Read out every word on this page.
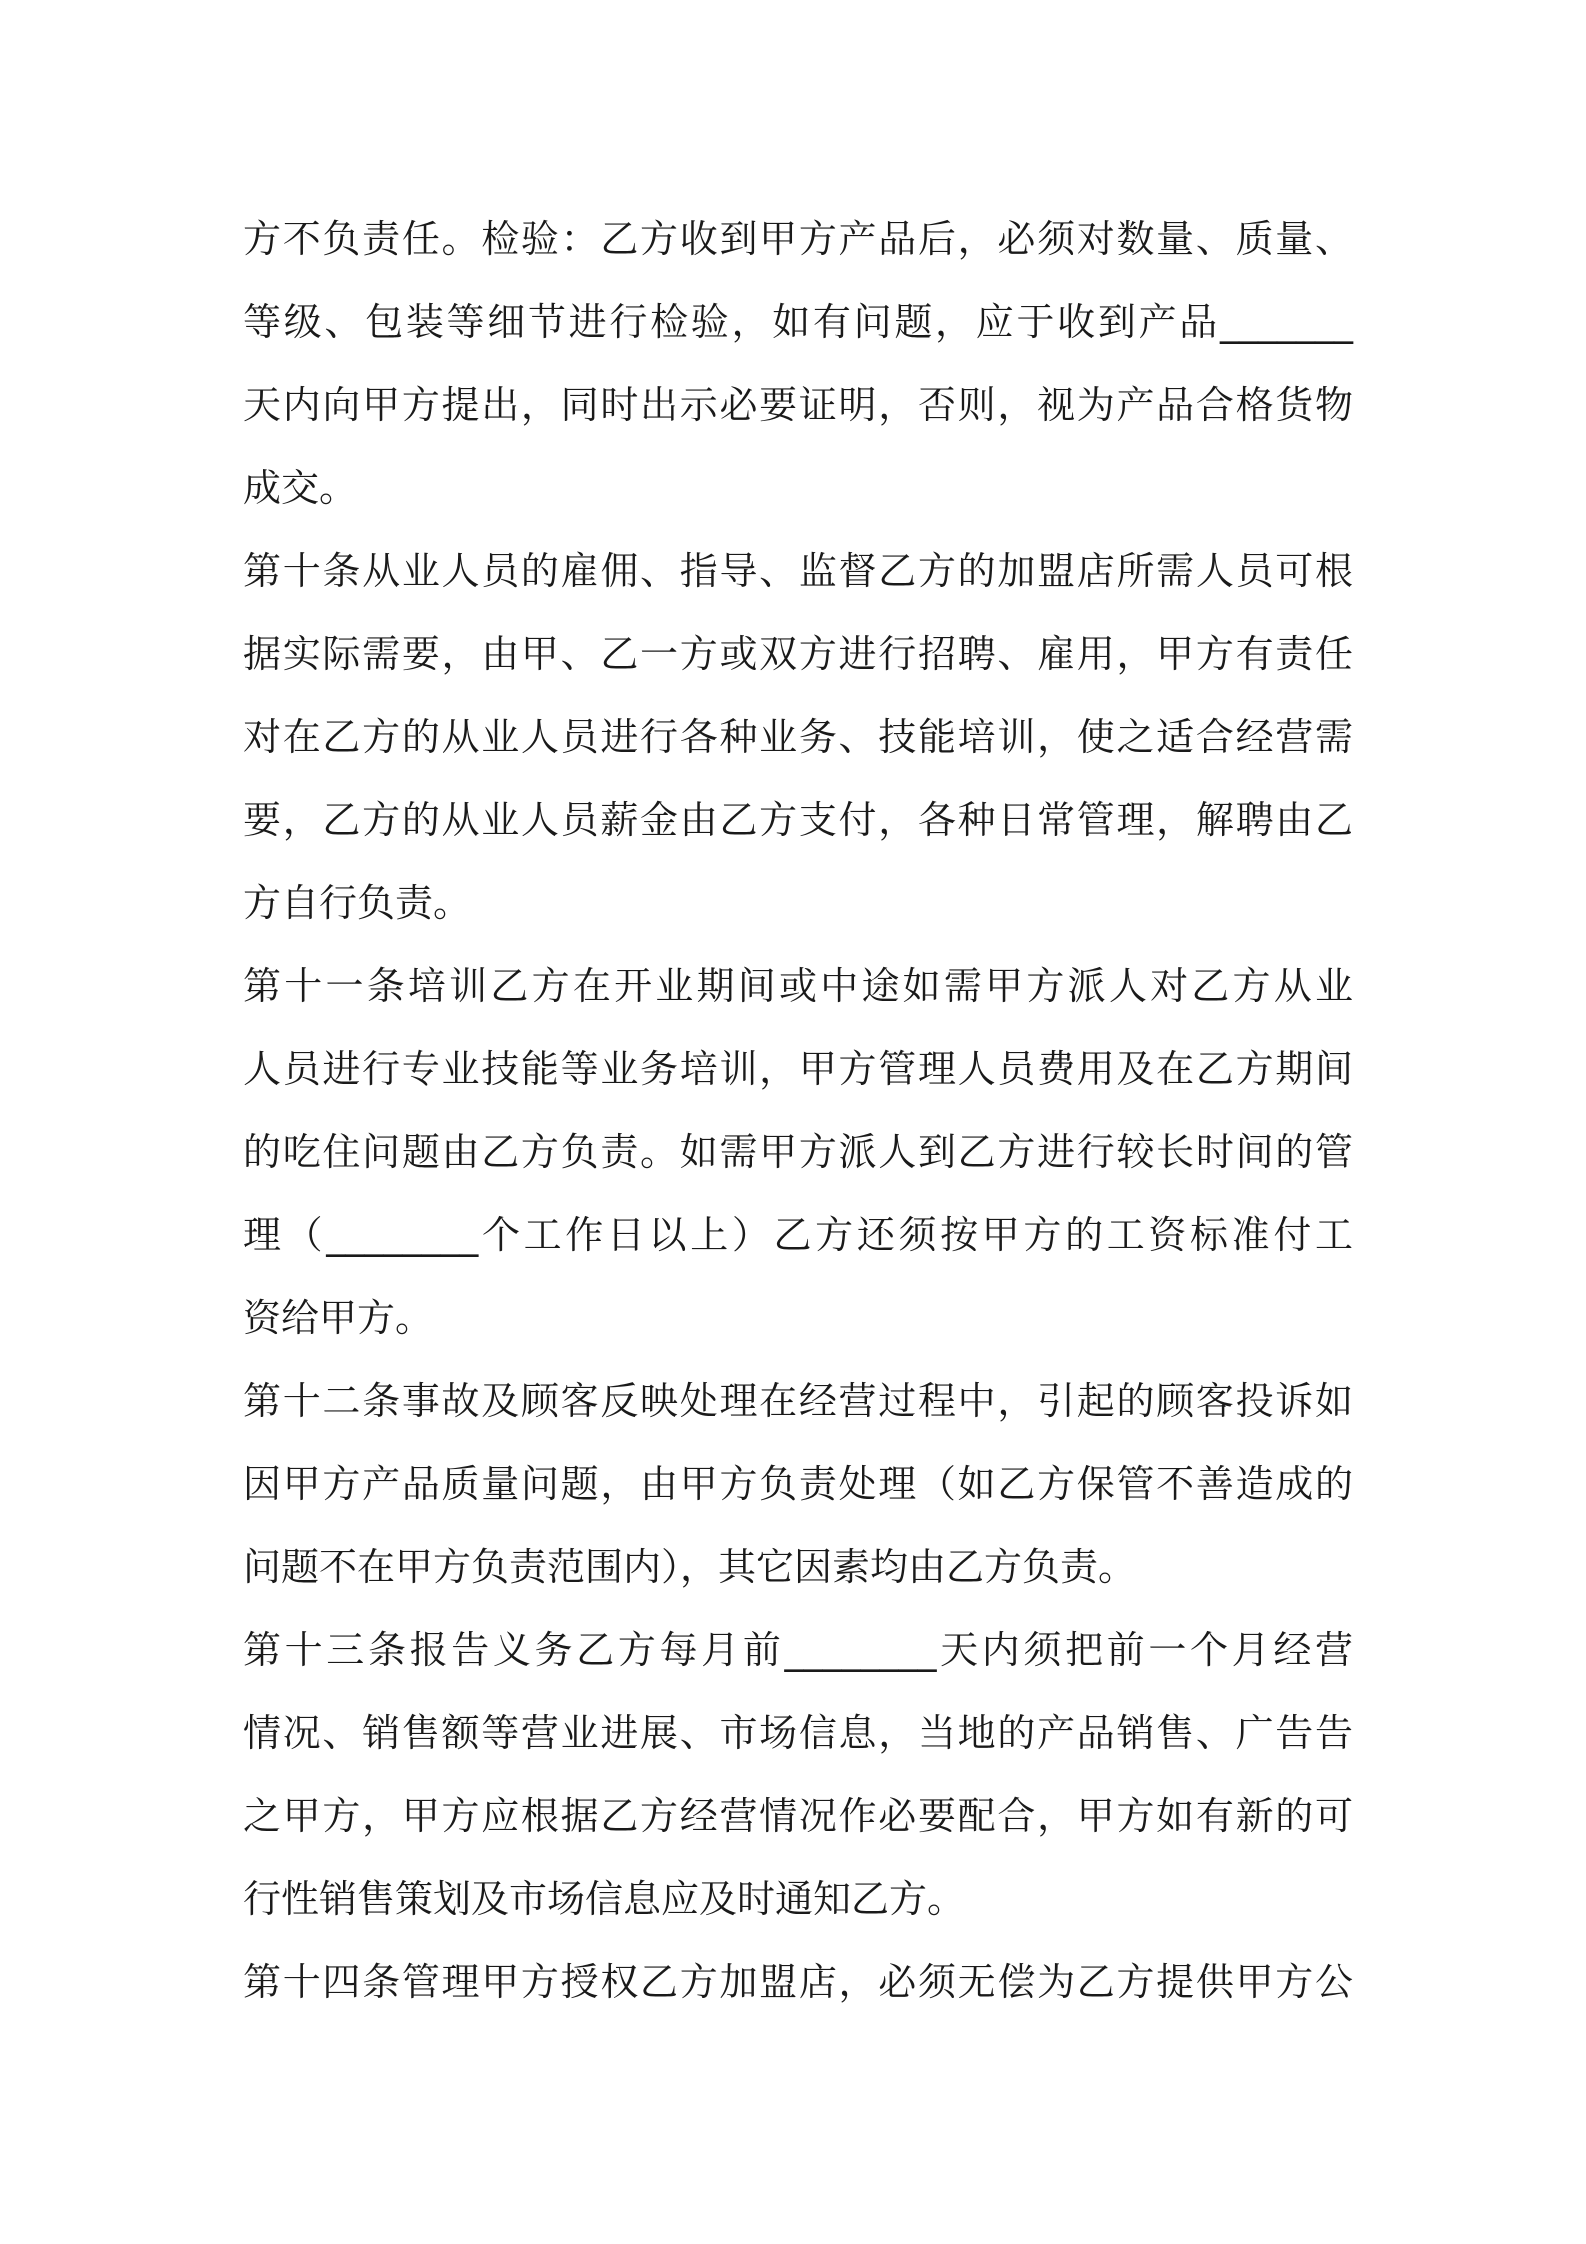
方不负责任。检验：乙方收到甲方产品后，必须对数量、质量、
等级、包装等细节进行检验，如有问题，应于收到产品_______
天内向甲方提出，同时出示必要证明，否则，视为产品合格货物
成交。
第十条从业人员的雇佣、指导、监督乙方的加盟店所需人员可根
据实际需要，由甲、乙一方或双方进行招聘、雇用，甲方有责任
对在乙方的从业人员进行各种业务、技能培训，使之适合经营需
要，乙方的从业人员薪金由乙方支付，各种日常管理，解聘由乙
方自行负责。
第十一条培训乙方在开业期间或中途如需甲方派人对乙方从业
人员进行专业技能等业务培训，甲方管理人员费用及在乙方期间
的吃住问题由乙方负责。如需甲方派人到乙方进行较长时间的管
理（________个工作日以上）乙方还须按甲方的工资标准付工
资给甲方。
第十二条事故及顾客反映处理在经营过程中，引起的顾客投诉如
因甲方产品质量问题，由甲方负责处理（如乙方保管不善造成的
问题不在甲方负责范围内），其它因素均由乙方负责。
第十三条报告义务乙方每月前________天内须把前一个月经营
情况、销售额等营业进展、市场信息，当地的产品销售、广告告
之甲方，甲方应根据乙方经营情况作必要配合，甲方如有新的可
行性销售策划及市场信息应及时通知乙方。
第十四条管理甲方授权乙方加盟店，必须无偿为乙方提供甲方公
